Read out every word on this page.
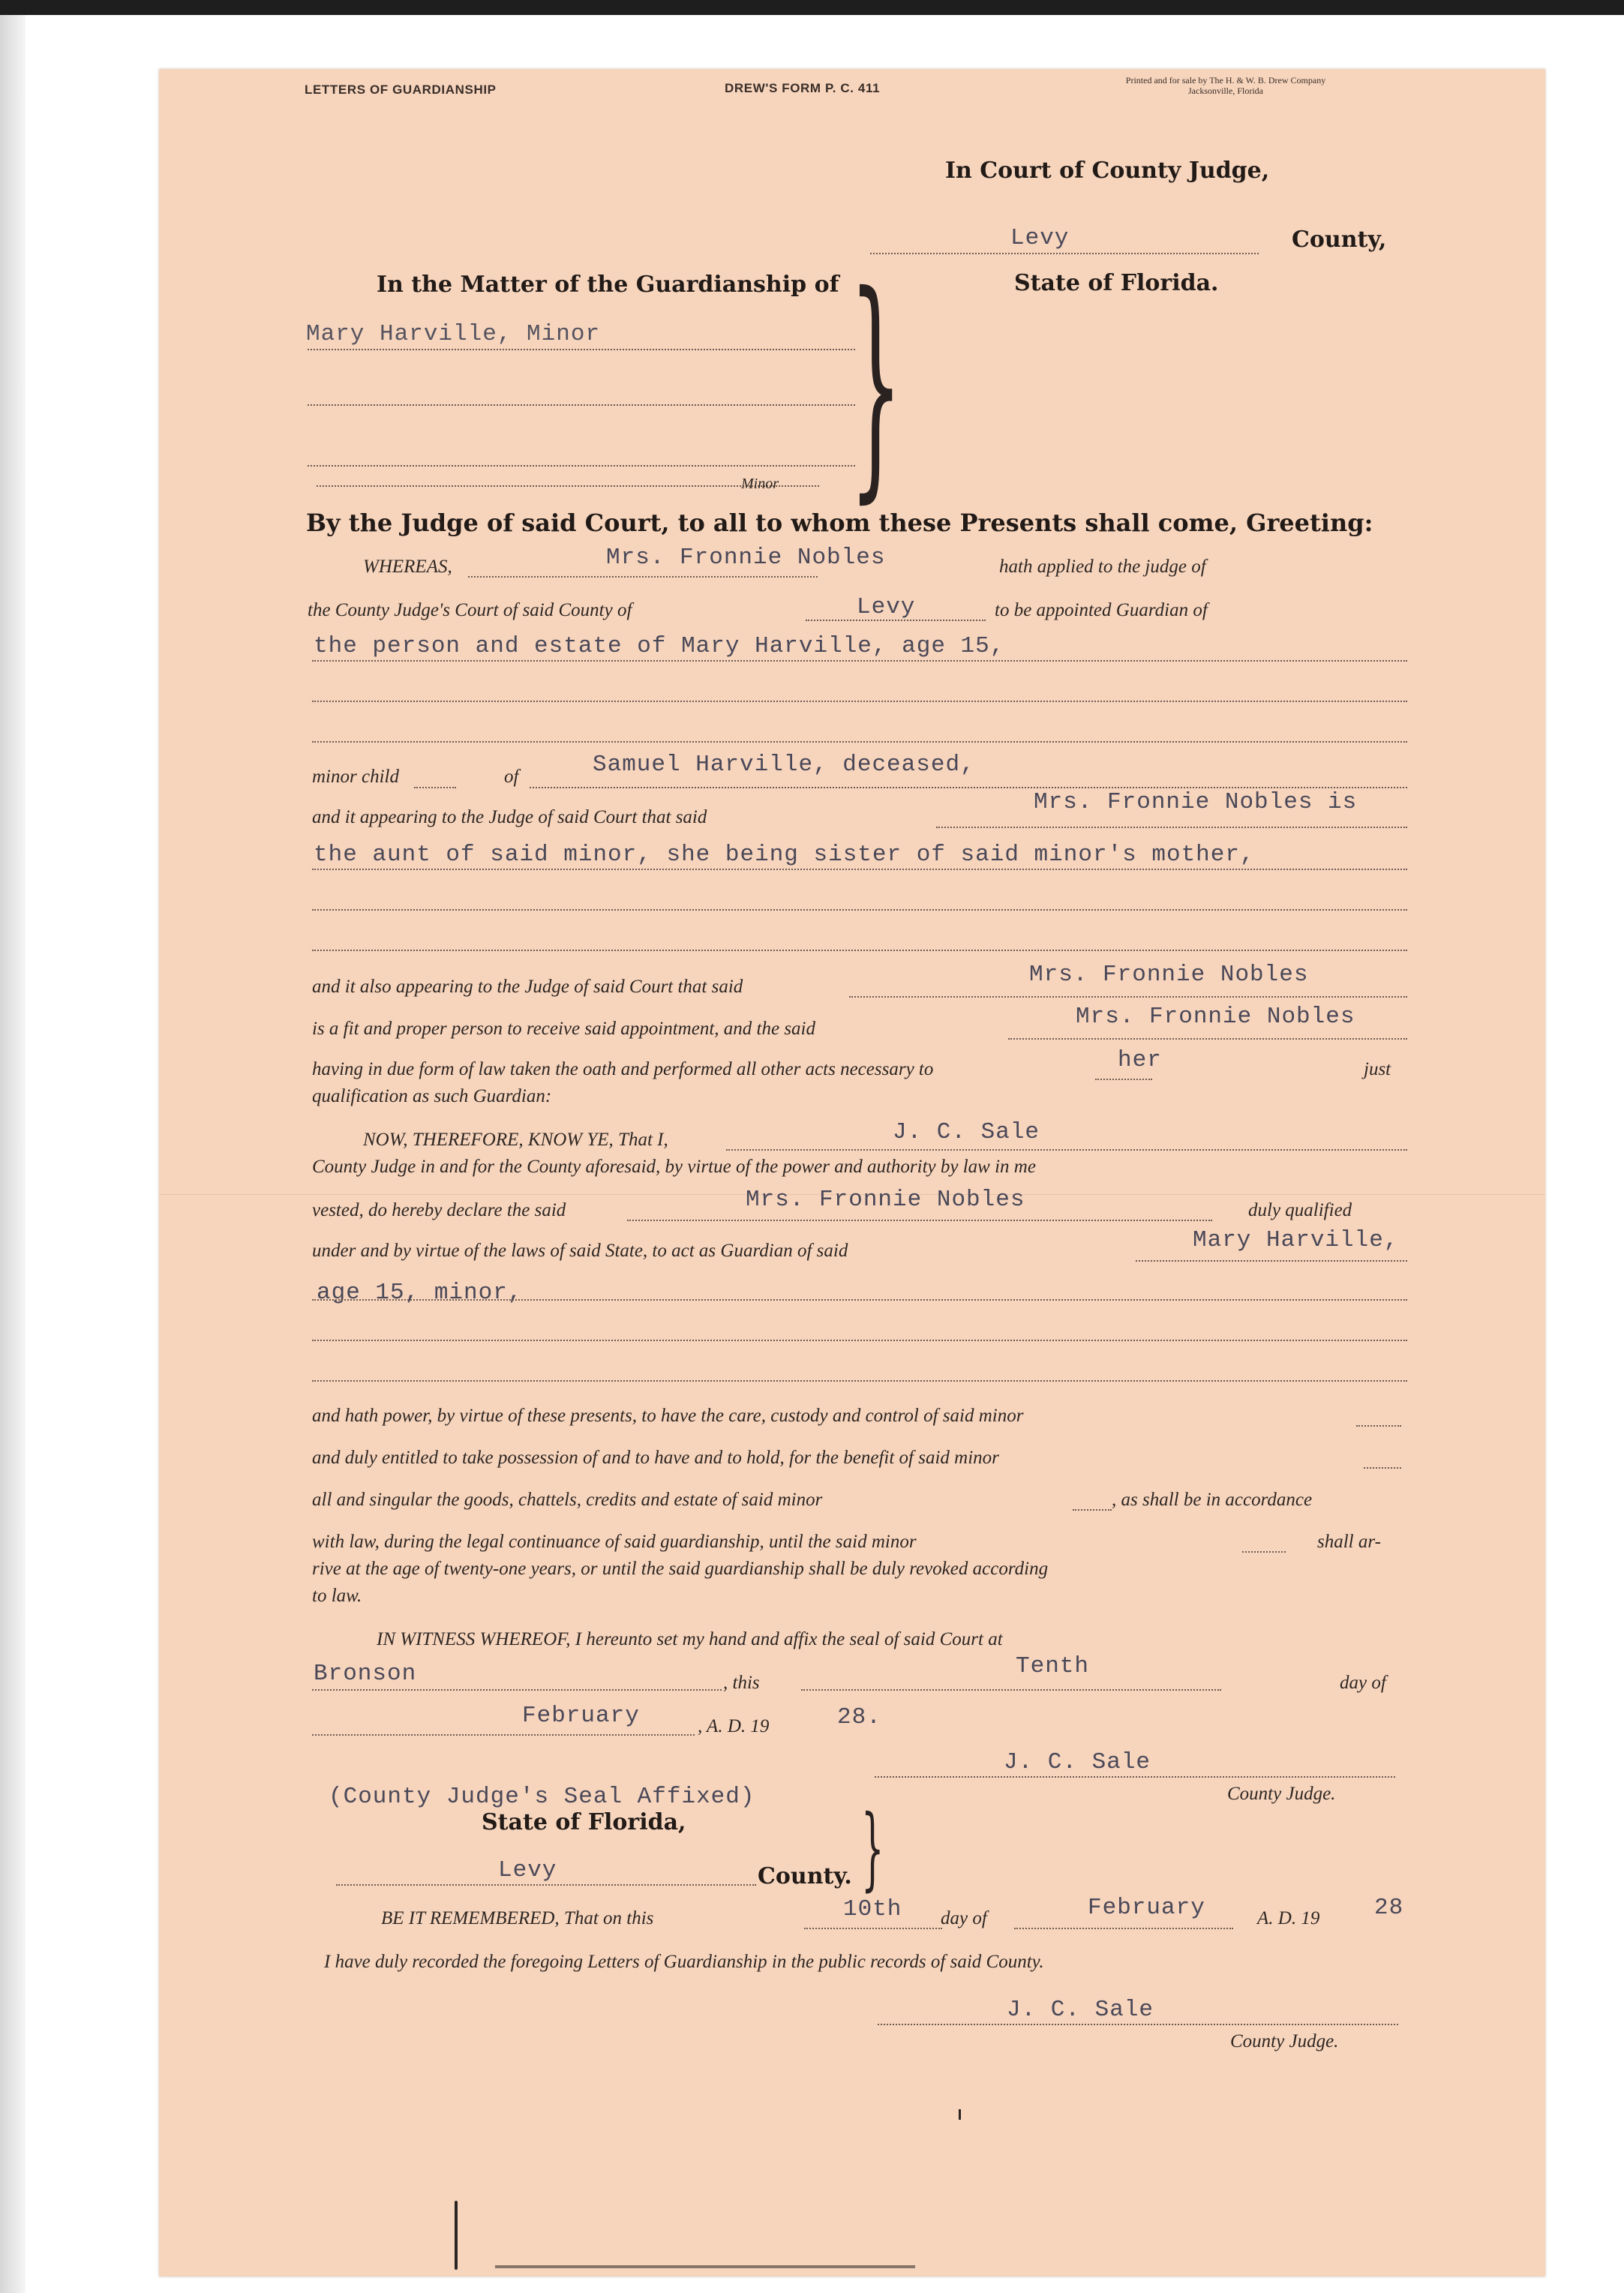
LETTERS OF GUARDIANSHIP	DREW'S FORM P. C. 411
Printed and for sale by The H. & W. B. Drew Company
Jacksonville, Florida
In Court of County Judge,
Levy	County,
State of Florida.
In the Matter of the Guardianship of
Mary Harville, Minor
Minor }
By the Judge of said Court, to all to whom these Presents shall come, Greeting:
WHEREAS,	Mrs. Fronnie Nobles	hath applied to the judge of
the County Judge's Court of said County of	Levy	to be appointed Guardian of
the person and estate of Mary Harville, age 15,
minor child	of	Samuel Harville, deceased,
and it appearing to the Judge of said Court that said
Mrs. Fronnie Nobles is
the aunt of said minor, she being sister of said minor's mother,
and it also appearing to the Judge of said Court that said	Mrs. Fronnie Nobles
is a fit and proper person to receive said appointment, and the said	Mrs. Fronnie Nobles
having in due form of law taken the oath and performed all other acts necessary to	her	just
qualification as such Guardian:
NOW, THEREFORE, KNOW YE, That I,	J. C. Sale
County Judge in and for the County aforesaid, by virtue of the power and authority by law in me
vested, do hereby declare the said	Mrs. Fronnie Nobles	duly qualified
under and by virtue of the laws of said State, to act as Guardian of said	Mary Harville,
age 15, minor,
and hath power, by virtue of these presents, to have the care, custody and control of said minor
and duly entitled to take possession of and to have and to hold, for the benefit of said minor
all and singular the goods, chattels, credits and estate of said minor	, as shall be in accordance
with law, during the legal continuance of said guardianship, until the said minor	shall ar-
rive at the age of twenty-one years, or until the said guardianship shall be duly revoked according
to law.
IN WITNESS WHEREOF, I hereunto set my hand and affix the seal of said Court at
Bronson	, this
Tenth
day of
February	, A. D. 19	28.
J. C. Sale
County Judge.
(County Judge's Seal Affixed)
State of Florida, }
Levy	County.
BE IT REMEMBERED, That on this	10th day of	February	A. D. 19 28
I have duly recorded the foregoing Letters of Guardianship in the public records of said County.
J. C. Sale
County Judge.
